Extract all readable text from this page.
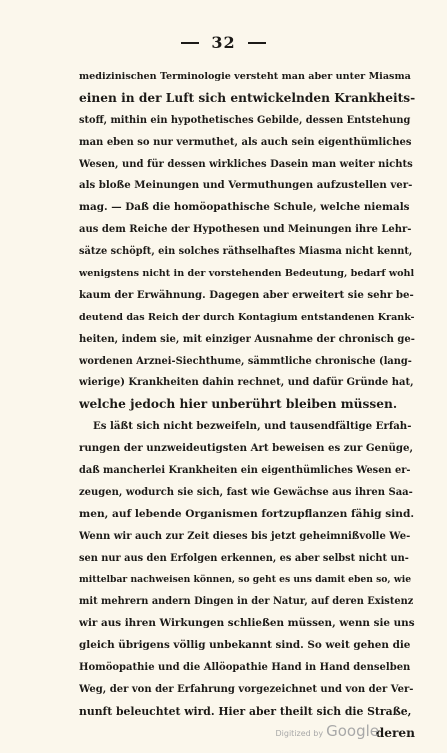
32
medizinischen Terminologie versteht man aber unter Miasma
einen in der Luft sich entwickelnden Krankheits-
stoff, mithin ein hypothetisches Gebilde, dessen Entstehung
man eben so nur vermuthet, als auch sein eigenthümliches
Wesen, und für dessen wirkliches Dasein man weiter nichts
als bloße Meinungen und Vermuthungen aufzustellen ver-
mag. — Daß die homöopathische Schule, welche niemals
aus dem Reiche der Hypothesen und Meinungen ihre Lehr-
sätze schöpft, ein solches räthselhaftes Miasma nicht kennt,
wenigstens nicht in der vorstehenden Bedeutung, bedarf wohl
kaum der Erwähnung. Dagegen aber erweitert sie sehr be-
deutend das Reich der durch Kontagium entstandenen Krank-
heiten, indem sie, mit einziger Ausnahme der chronisch ge-
wordenen Arznei-Siechthume, sämmtliche chronische (lang-
wierige) Krankheiten dahin rechnet, und dafür Gründe hat,
welche jedoch hier unberührt bleiben müssen.
Es läßt sich nicht bezweifeln, und tausendfältige Erfah-
rungen der unzweideutigsten Art beweisen es zur Genüge,
daß mancherlei Krankheiten ein eigenthümliches Wesen er-
zeugen, wodurch sie sich, fast wie Gewächse aus ihren Saa-
men, auf lebende Organismen fortzupflanzen fähig sind.
Wenn wir auch zur Zeit dieses bis jetzt geheimnißvolle We-
sen nur aus den Erfolgen erkennen, es aber selbst nicht un-
mittelbar nachweisen können, so geht es uns damit eben so, wie
mit mehrern andern Dingen in der Natur, auf deren Existenz
wir aus ihren Wirkungen schließen müssen, wenn sie uns
gleich übrigens völlig unbekannt sind. So weit gehen die
Homöopathie und die Allöopathie Hand in Hand denselben
Weg, der von der Erfahrung vorgezeichnet und von der Ver-
nunft beleuchtet wird. Hier aber theilt sich die Straße,
deren
Digitized by Google
